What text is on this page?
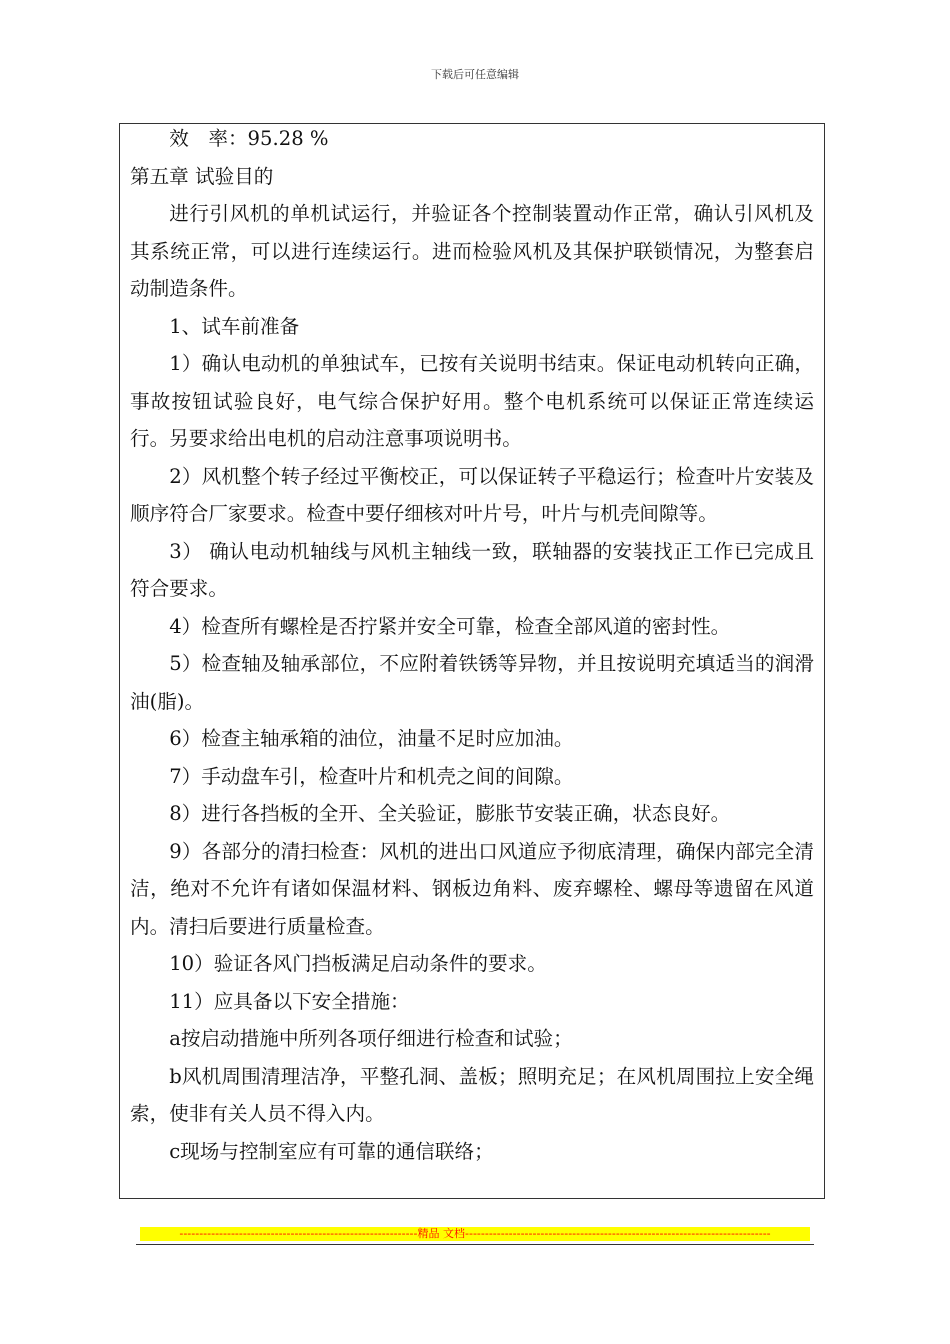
下载后可任意编辑

效　率：95.28 %

第五章 试验目的

进行引风机的单机试运行，并验证各个控制装置动作正常，确认引风机及其系统正常，可以进行连续运行。进而检验风机及其保护联锁情况，为整套启动制造条件。

1、试车前准备

1）确认电动机的单独试车，已按有关说明书结束。保证电动机转向正确，事故按钮试验良好，电气综合保护好用。整个电机系统可以保证正常连续运行。另要求给出电机的启动注意事项说明书。

2）风机整个转子经过平衡校正，可以保证转子平稳运行；检查叶片安装及顺序符合厂家要求。检查中要仔细核对叶片号，叶片与机壳间隙等。

3） 确认电动机轴线与风机主轴线一致，联轴器的安装找正工作已完成且符合要求。

4）检查所有螺栓是否拧紧并安全可靠，检查全部风道的密封性。

5）检查轴及轴承部位，不应附着铁锈等异物，并且按说明充填适当的润滑油(脂)。

6）检查主轴承箱的油位，油量不足时应加油。

7）手动盘车引，检查叶片和机壳之间的间隙。

8）进行各挡板的全开、全关验证，膨胀节安装正确，状态良好。

9）各部分的清扫检查：风机的进出口风道应予彻底清理，确保内部完全清洁，绝对不允许有诸如保温材料、钢板边角料、废弃螺栓、螺母等遗留在风道内。清扫后要进行质量检查。

10）验证各风门挡板满足启动条件的要求。

11）应具备以下安全措施：

a按启动措施中所列各项仔细进行检查和试验；

b风机周围清理洁净，平整孔洞、盖板；照明充足；在风机周围拉上安全绳索，使非有关人员不得入内。

c现场与控制室应有可靠的通信联络；

------------------------------------------------------------精品 文档-----------------------------------------------------------------------------
